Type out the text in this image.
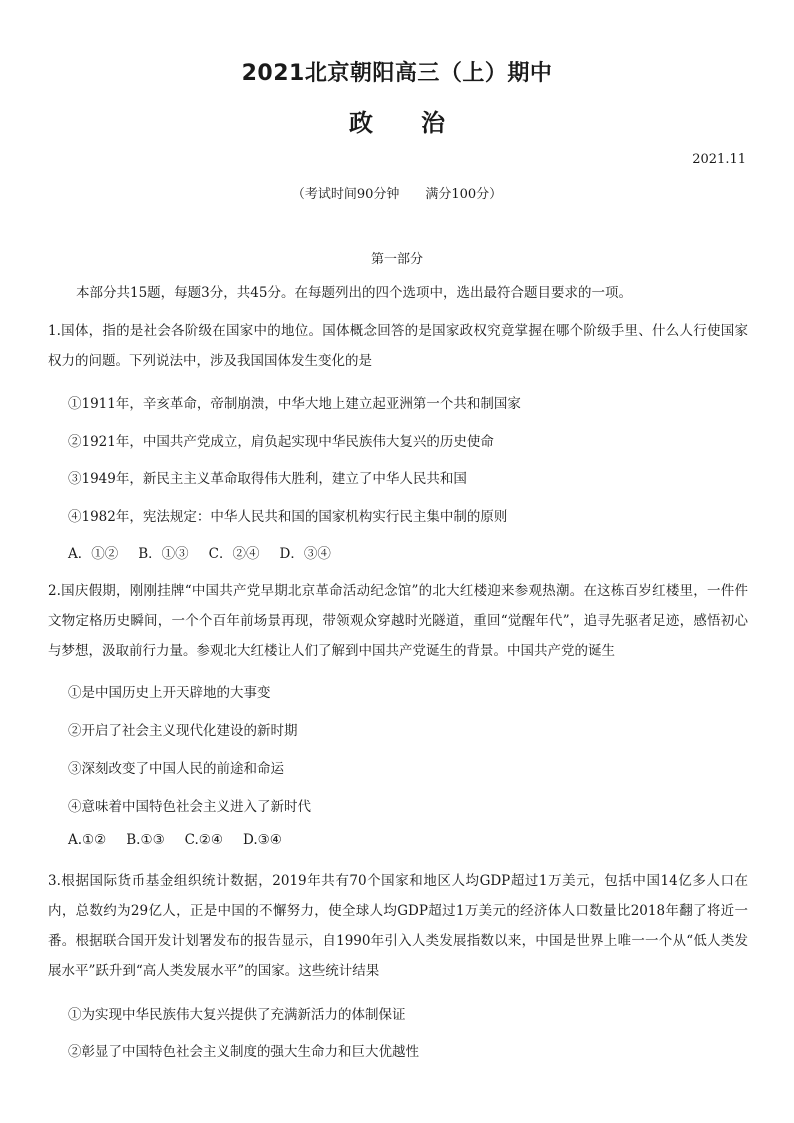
2021北京朝阳高三（上）期中
政　　治
2021.11
（考试时间90分钟　　满分100分）
第一部分
本部分共15题，每题3分，共45分。在每题列出的四个选项中，选出最符合题目要求的一项。
1.国体，指的是社会各阶级在国家中的地位。国体概念回答的是国家政权究竟掌握在哪个阶级手里、什么人行使国家权力的问题。下列说法中，涉及我国国体发生变化的是
①1911年，辛亥革命，帝制崩溃，中华大地上建立起亚洲第一个共和制国家
②1921年，中国共产党成立，肩负起实现中华民族伟大复兴的历史使命
③1949年，新民主主义革命取得伟大胜利，建立了中华人民共和国
④1982年，宪法规定：中华人民共和国的国家机构实行民主集中制的原则
A．①② B．①③ C．②④ D．③④
2.国庆假期，刚刚挂牌“中国共产党早期北京革命活动纪念馆”的北大红楼迎来参观热潮。在这栋百岁红楼里，一件件文物定格历史瞬间，一个个百年前场景再现，带领观众穿越时光隧道，重回“觉醒年代”，追寻先驱者足迹，感悟初心与梦想，汲取前行力量。参观北大红楼让人们了解到中国共产党诞生的背景。中国共产党的诞生
①是中国历史上开天辟地的大事变
②开启了社会主义现代化建设的新时期
③深刻改变了中国人民的前途和命运
④意味着中国特色社会主义进入了新时代
A.①② B.①③ C.②④ D.③④
3.根据国际货币基金组织统计数据，2019年共有70个国家和地区人均GDP超过1万美元，包括中国14亿多人口在内，总数约为29亿人，正是中国的不懈努力，使全球人均GDP超过1万美元的经济体人口数量比2018年翻了将近一番。根据联合国开发计划署发布的报告显示，自1990年引入人类发展指数以来，中国是世界上唯一一个从“低人类发展水平”跃升到“高人类发展水平”的国家。这些统计结果
①为实现中华民族伟大复兴提供了充满新活力的体制保证
②彰显了中国特色社会主义制度的强大生命力和巨大优越性
